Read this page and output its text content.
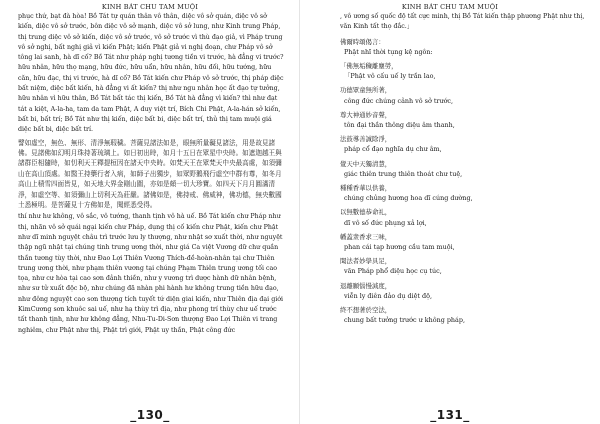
KINH BÁT CHU TAM MUỘI

phục thứ, bạt đà hòa! Bồ Tát tự quán thân vô thân, diệc vô sở quán, diệc vô sở kiến, diệc vô sở trước, bôn diệc vô sở mạnh, diệc vô sở lung, như Kinh trung Pháp, thị trung diệc vô sở kiến, diệc vô sở trước, vô sở trước vì thù đạo giả, vì Pháp trung vô sở nghị, bất nghị giả vì kiến Phật; kiến Phật giả vi nghị đoạn, chư Pháp vô sở tông lai sanh, hà dĩ cố? Bồ Tát như pháp nghị tương tiền vi trước, hà đẳng vi trước? hữu nhân, hữu thọ mạng, hữu đức, hữu uẩn, hữu nhân, hữu đối, hữu tướng, hữu căn, hữu đạc, thị vi trước, hà dĩ cố? Bồ Tát kiến chư Pháp vô sở trước, thị pháp diệc bất niệm, diệc bất kiến, hà đẳng vi ất kiến? thị như ngu nhân học ất đạo tự tưởng, hữu nhân vì hữu thân, Bồ Tát bất tác thị kiến, Bồ Tát hà đẳng vì kiến? thì như đạt tát a kiệt, A-la-ha, tam da tam Phật, A duy việt trí, Bích Chi Phật, A-la-hán sở kiến, bất bi, bất trí; Bồ Tát như thị kiến, diệc bất bi, diệc bất trí, thủ thị tam muội giá diệc bất bi, diệc bất trí.

譬如虛空，無色、無形、清淨無瑕穢。菩薩見諸法如是，眼無所量礙見諸法，用是故見諸佛。見諸佛如幻明月珠持著琉璃上。如日初出時，如月十五日在眾星中央時。如遮迦越王與諸群臣相隨時，如忉利天王釋提桓因在諸天中央時。如梵天王在眾梵天中央最高處，如須彌山在高山頂處。如醫王持藥行者入病，如師子出獨步，如眾野鵝飛行虛空中群有尊，如冬月高山上積雪四面皆見，如天地大界金剛山圍，亦如是頗一切大珍寶。如四天下月月圓滿清淨，如虛空等、如須彌山上切利天為莊嚴。諸佛如是，佛持戒、佛威神，佛功德，無央數國土悉極明。是菩薩見十方佛如是，聞經悉受得。

thí như hư không, vô sắc, vô tướng, thanh tịnh vô hà uế. Bồ Tát kiến chư Pháp như thị, nhãn vô sở quái ngại kiến chư Pháp, dụng thị cố kiến chư Phật, kiến chư Phật như dĩ minh nguyệt châu trì trước lưu ly thượng, như nhật sơ xuất thời, như nguyệt thập ngũ nhật tại chúng tinh trung ương thời, như giá Ca việt Vương dữ chư quần thần tương tùy thời, như Đao Lợi Thiên Vương Thích-đề-hoàn-nhân tại chư Thiên trung ương thời, như phạm thiên vương tại chúng Phạm Thiên trung ương tối cao tọa, như cư hòa tại cao sơn đảnh thiền, như y vương trì dược hành dữ nhân bệnh, như sư tử xuất độc bộ, như chúng đã nhàn phi hành hư không trung tiền hữu đạo, như đông nguyệt cao sơn thượng tích tuyết tứ diện giai kiến, như Thiên địa đại giới KimCương sơn khuôc sai uế, như hạ thùy trì địa, như phong trí thùy chư uế trước tất thanh tịnh, như hư không đẳng, Nhu-Tu-Di-Sơn thượng Đao Lợi Thiên vi trang nghiêm, chư Phật như thị, Phật trì giới, Phật uy thần, Phật công đức

_130_
KINH BÁT CHU TAM MUỘI

, vô ương số quốc độ tất cực minh, thị Bồ Tát kiến thập phương Phật như thị, văn Kinh tất thọ đắc.」

佛爾時頌偈言：

Phật nhĩ thời tụng kệ ngôn:

「佛無垢穢離塵勞，

「Phật vô cấu uế ly trần lao,

功德眾童無所著，

công đức chúng cảnh vô sở trước,

尊大神通妙音聲，

tôn đại thần thông diệu âm thanh,

法鼓導善誠除淨，

pháp cổ đạo nghĩa dụ chư âm,

覺天中天獨清慧，

giác thiên trung thiên thoát chư tuệ,

種種香華以供養，

chúng chủng hương hoa dĩ cúng dường,

以無數德恭命礼，

dĩ vô số đức phụng xả lợi,

幡蓋衆香求三味，

phan cái tạp hương cầu tam muội,

聞法者妙學具足，

văn Pháp phổ diệu học cụ túc,

退離願惱慢減度，

viễn ly điên đảo dụ diệt độ,

終不想著於空法，

chung bất tưởng trước ư không pháp,

_131_
